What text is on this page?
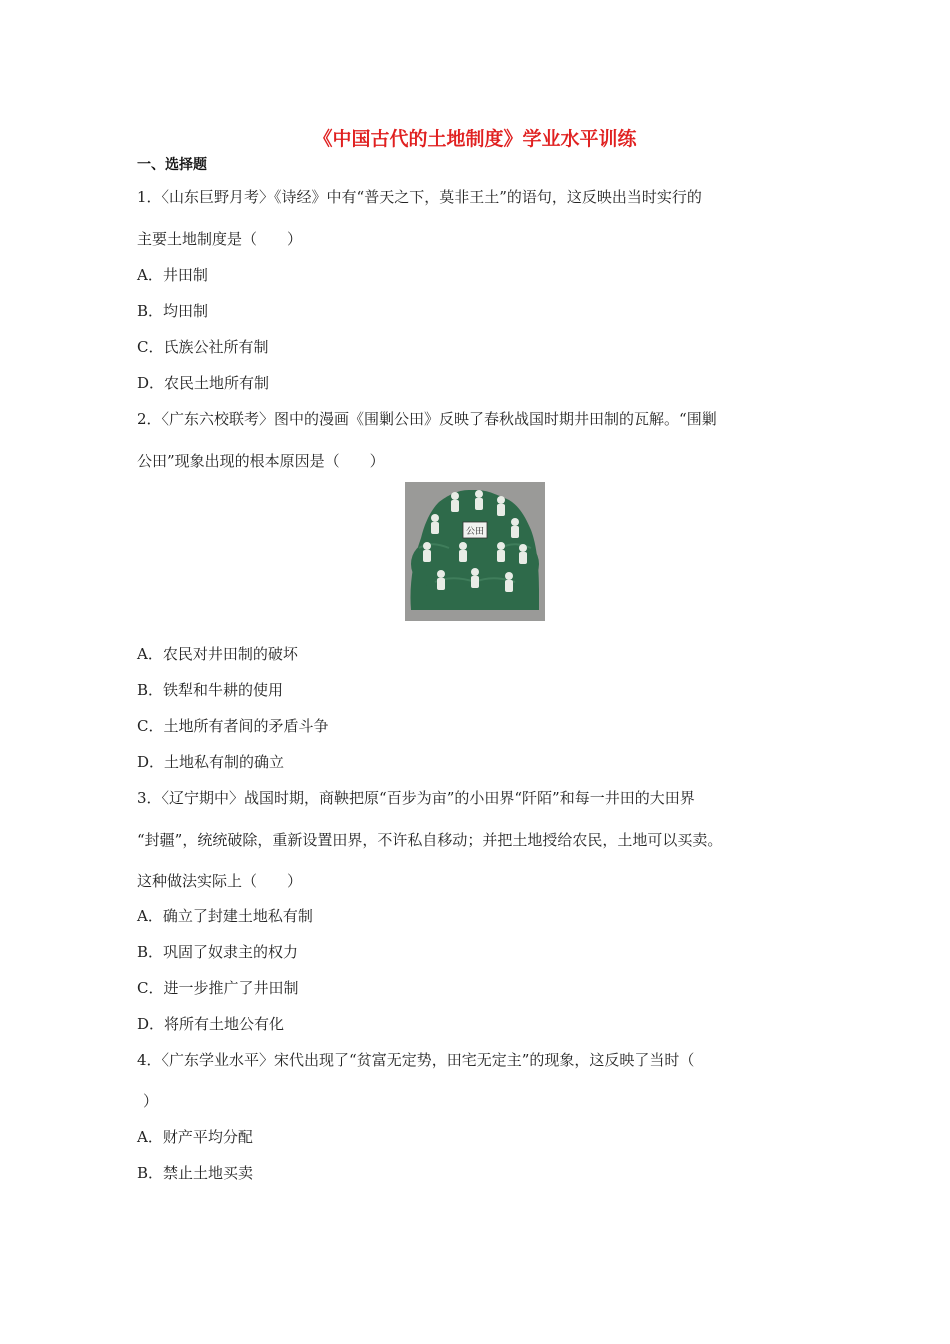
《中国古代的土地制度》学业水平训练
一、选择题
1．〈山东巨野月考〉《诗经》中有“普天之下，莫非王土”的语句，这反映出当时实行的
主要土地制度是（　　）
A．井田制
B．均田制
C．氏族公社所有制
D．农民土地所有制
2．〈广东六校联考〉图中的漫画《围剿公田》反映了春秋战国时期井田制的瓦解。“围剿
公田”现象出现的根本原因是（　　）
公田
A．农民对井田制的破坏
B．铁犁和牛耕的使用
C．土地所有者间的矛盾斗争
D．土地私有制的确立
3．〈辽宁期中〉战国时期，商鞅把原“百步为亩”的小田界“阡陌”和每一井田的大田界
“封疆”，统统破除，重新设置田界，不许私自移动；并把土地授给农民，土地可以买卖。
这种做法实际上（　　）
A．确立了封建土地私有制
B．巩固了奴隶主的权力
C．进一步推广了井田制
D．将所有土地公有化
4．〈广东学业水平〉宋代出现了“贫富无定势，田宅无定主”的现象，这反映了当时（
）
A．财产平均分配
B．禁止土地买卖
